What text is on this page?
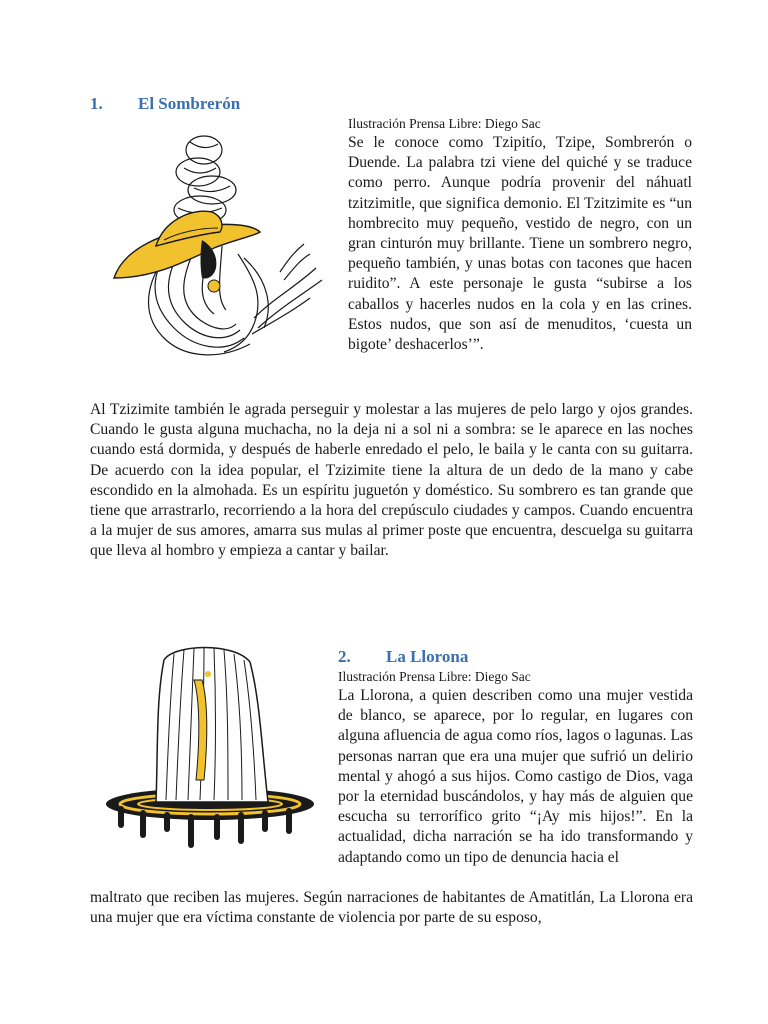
1. El Sombrerón
Ilustración Prensa Libre: Diego Sac

Se le conoce como Tzipitío, Tzipe, Sombrerón o Duende. La palabra tzi viene del quiché y se traduce como perro. Aunque podría provenir del náhuatl tzitzimitle, que significa demonio. El Tzitzimite es “un hombrecito muy pequeño, vestido de negro, con un gran cinturón muy brillante. Tiene un sombrero negro, pequeño también, y unas botas con tacones que hacen ruidito”. A este personaje le gusta “subirse a los caballos y hacerles nudos en la cola y en las crines. Estos nudos, que son así de menuditos, ‘cuesta un bigote’ deshacerlos’”.

Al Tzizimite también le agrada perseguir y molestar a las mujeres de pelo largo y ojos grandes. Cuando le gusta alguna muchacha, no la deja ni a sol ni a sombra: se le aparece en las noches cuando está dormida, y después de haberle enredado el pelo, le baila y le canta con su guitarra. De acuerdo con la idea popular, el Tzizimite tiene la altura de un dedo de la mano y cabe escondido en la almohada. Es un espíritu juguetón y doméstico. Su sombrero es tan grande que tiene que arrastrarlo, recorriendo a la hora del crepúsculo ciudades y campos. Cuando encuentra a la mujer de sus amores, amarra sus mulas al primer poste que encuentra, descuelga su guitarra que lleva al hombro y empieza a cantar y bailar.

2. La Llorona
Ilustración Prensa Libre: Diego Sac

La Llorona, a quien describen como una mujer vestida de blanco, se aparece, por lo regular, en lugares con alguna afluencia de agua como ríos, lagos o lagunas. Las personas narran que era una mujer que sufrió un delirio mental y ahogó a sus hijos. Como castigo de Dios, vaga por la eternidad buscándolos, y hay más de alguien que escucha su terrorífico grito “¡Ay mis hijos!”. En la actualidad, dicha narración se ha ido transformando y adaptando como un tipo de denuncia hacia el

maltrato que reciben las mujeres. Según narraciones de habitantes de Amatitlán, La Llorona era una mujer que era víctima constante de violencia por parte de su esposo,
